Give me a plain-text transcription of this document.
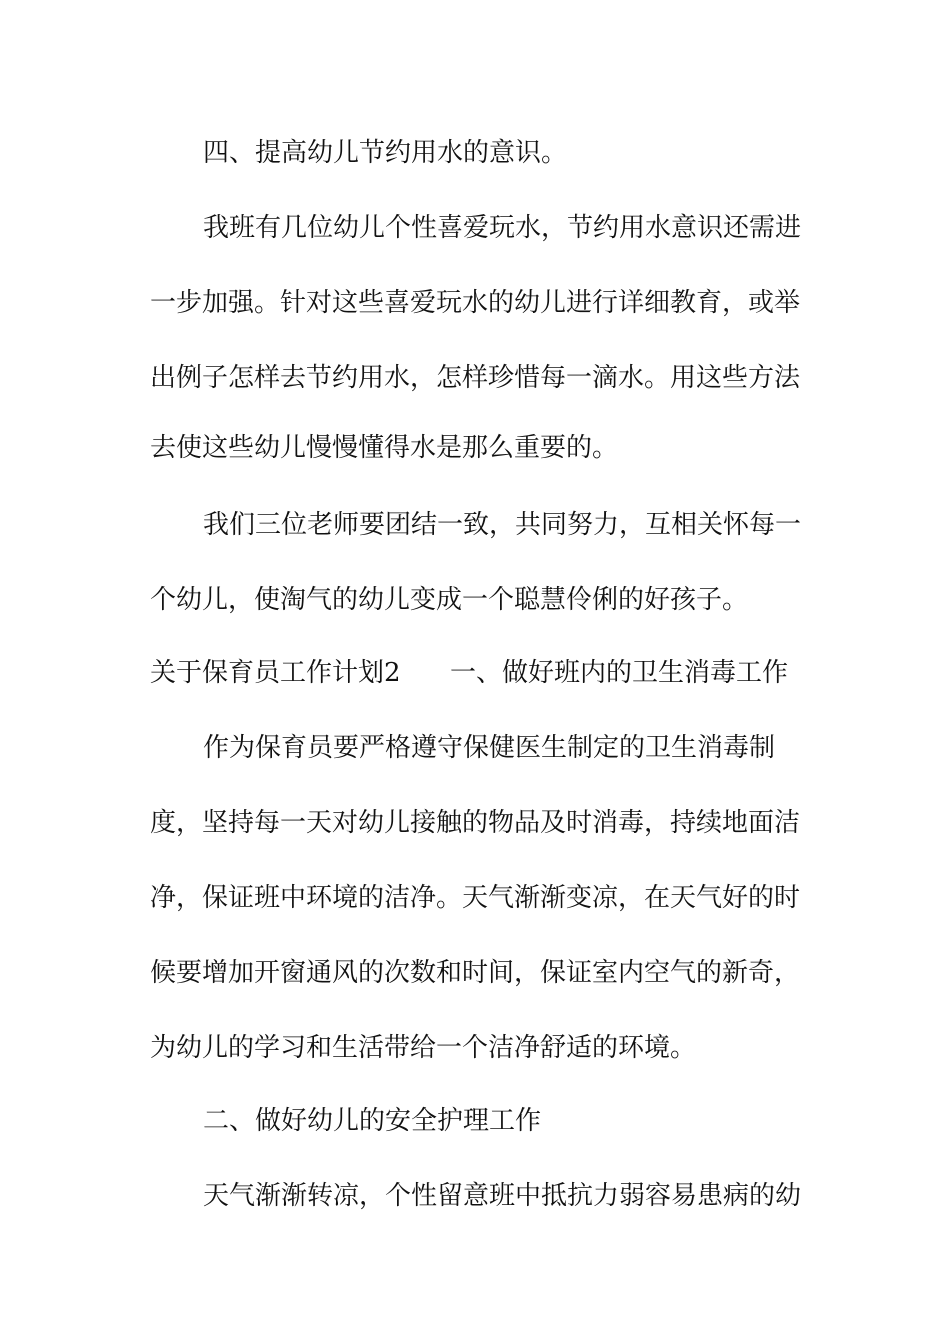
四、提高幼儿节约用水的意识。
我班有几位幼儿个性喜爱玩水，节约用水意识还需进
一步加强。针对这些喜爱玩水的幼儿进行详细教育，或举
出例子怎样去节约用水，怎样珍惜每一滴水。用这些方法
去使这些幼儿慢慢懂得水是那么重要的。
我们三位老师要团结一致，共同努力，互相关怀每一
个幼儿，使淘气的幼儿变成一个聪慧伶俐的好孩子。
关于保育员工作计划2 一、做好班内的卫生消毒工作
作为保育员要严格遵守保健医生制定的卫生消毒制
度，坚持每一天对幼儿接触的物品及时消毒，持续地面洁
净，保证班中环境的洁净。天气渐渐变凉，在天气好的时
候要增加开窗通风的次数和时间，保证室内空气的新奇，
为幼儿的学习和生活带给一个洁净舒适的环境。
二、做好幼儿的安全护理工作
天气渐渐转凉，个性留意班中抵抗力弱容易患病的幼
